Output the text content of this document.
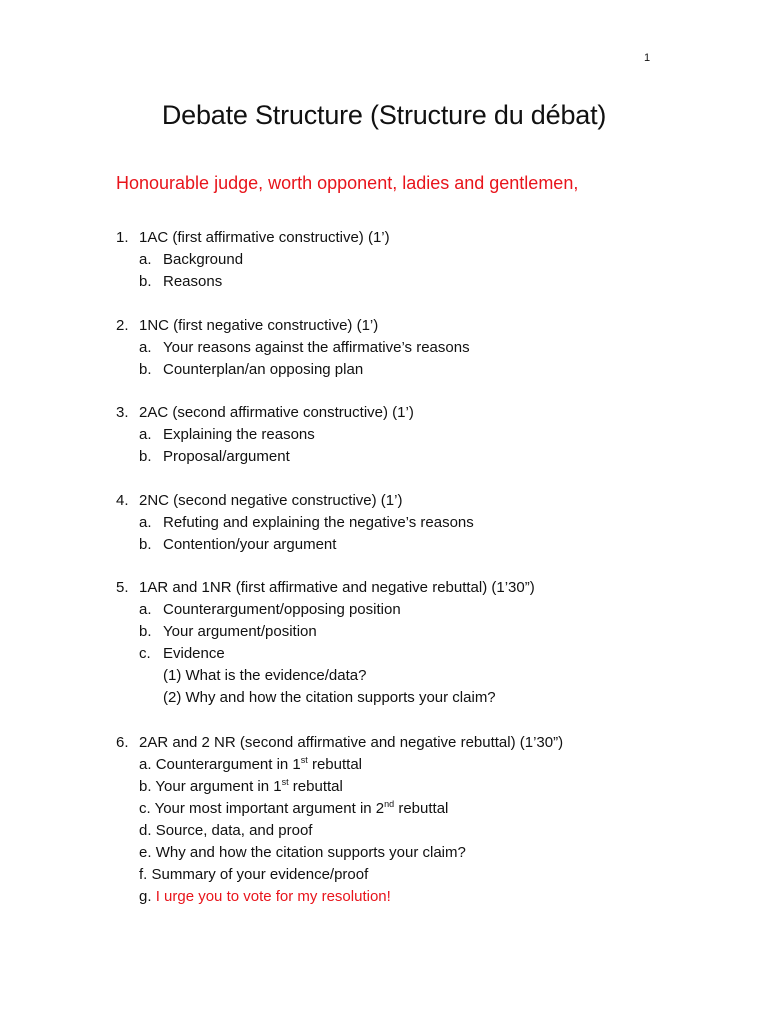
1
Debate Structure (Structure du débat)
Honourable judge, worth opponent, ladies and gentlemen,
1. 1AC (first affirmative constructive) (1’)
a. Background
b. Reasons
2. 1NC (first negative constructive) (1’)
a. Your reasons against the affirmative’s reasons
b. Counterplan/an opposing plan
3. 2AC (second affirmative constructive) (1’)
a. Explaining the reasons
b. Proposal/argument
4. 2NC (second negative constructive) (1’)
a. Refuting and explaining the negative’s reasons
b. Contention/your argument
5. 1AR and 1NR (first affirmative and negative rebuttal) (1’30”)
a. Counterargument/opposing position
b. Your argument/position
c. Evidence
(1) What is the evidence/data?
(2) Why and how the citation supports your claim?
6. 2AR and 2 NR (second affirmative and negative rebuttal) (1’30”)
a. Counterargument in 1st rebuttal
b. Your argument in 1st rebuttal
c. Your most important argument in 2nd rebuttal
d. Source, data, and proof
e. Why and how the citation supports your claim?
f. Summary of your evidence/proof
g. I urge you to vote for my resolution!
